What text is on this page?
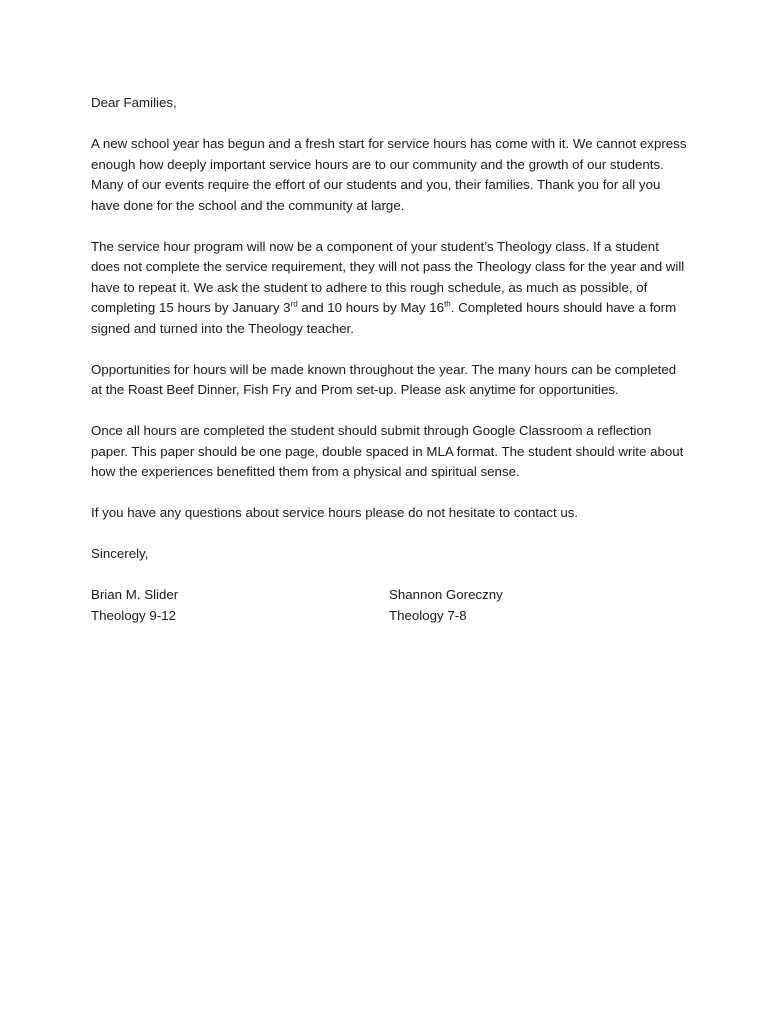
Dear Families,

A new school year has begun and a fresh start for service hours has come with it. We cannot express enough how deeply important service hours are to our community and the growth of our students. Many of our events require the effort of our students and you, their families. Thank you for all you have done for the school and the community at large.

The service hour program will now be a component of your student’s Theology class. If a student does not complete the service requirement, they will not pass the Theology class for the year and will have to repeat it. We ask the student to adhere to this rough schedule, as much as possible, of completing 15 hours by January 3rd and 10 hours by May 16th. Completed hours should have a form signed and turned into the Theology teacher.

Opportunities for hours will be made known throughout the year. The many hours can be completed at the Roast Beef Dinner, Fish Fry and Prom set-up. Please ask anytime for opportunities.

Once all hours are completed the student should submit through Google Classroom a reflection paper. This paper should be one page, double spaced in MLA format. The student should write about how the experiences benefitted them from a physical and spiritual sense.

If you have any questions about service hours please do not hesitate to contact us.

Sincerely,

Brian M. Slider
Theology 9-12
Shannon Goreczny
Theology 7-8
